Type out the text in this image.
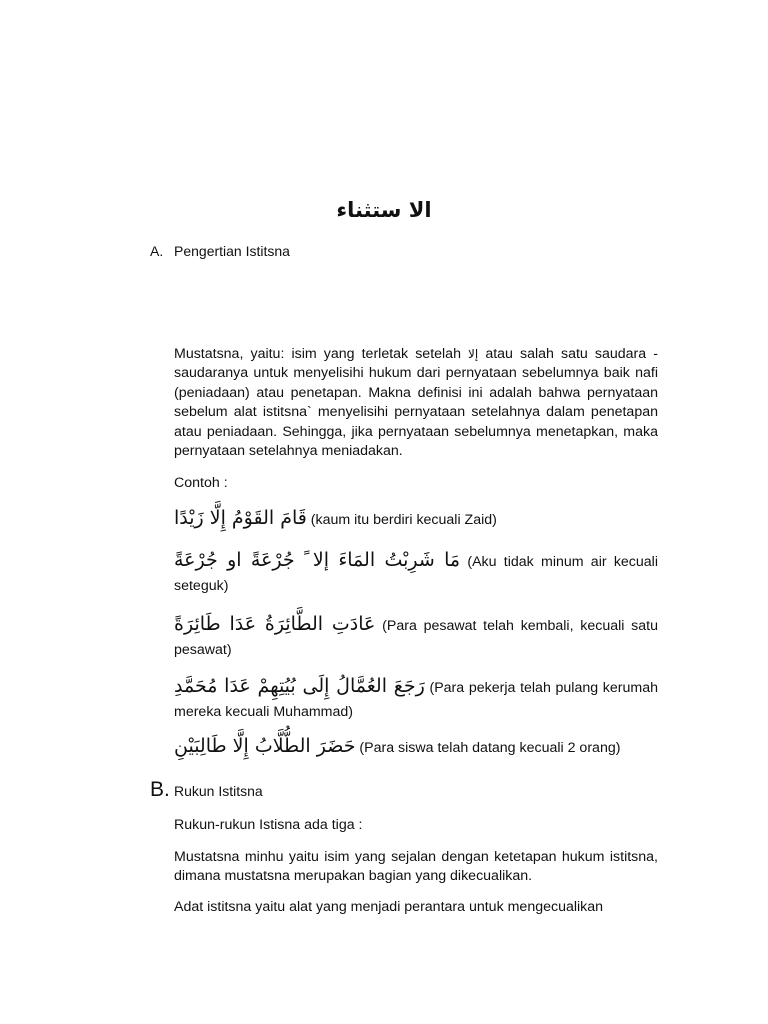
الا ستثناء
A. Pengertian Istitsna
Mustatsna, yaitu: isim yang terletak setelah إلا atau salah satu saudara -saudaranya untuk menyelisihi hukum dari pernyataan sebelumnya baik nafi (peniadaan) atau penetapan. Makna definisi ini adalah bahwa pernyataan sebelum alat istitsna` menyelisihi pernyataan setelahnya dalam penetapan atau peniadaan. Sehingga, jika pernyataan sebelumnya menetapkan, maka pernyataan setelahnya meniadakan.
Contoh :
قَامَ القَوْمُ إِلَّا زَيْدًا (kaum itu berdiri kecuali Zaid)
مَا شَرِبْتُ المَاءَ إلا ً جُرْعَةً او جُرْعَةً (Aku tidak minum air kecuali seteguk)
عَادَتِ الطَّائِرَةُ عَدَا طَائِرَةً (Para pesawat telah kembali, kecuali satu pesawat)
رَجَعَ العُمَّالُ إِلَى بُيُتِهِمْ عَدَا مُحَمَّدِ (Para pekerja telah pulang kerumah mereka kecuali Muhammad)
حَضَرَ الطُّلَّابُ إِلَّا طَالِبَيْنِ (Para siswa telah datang kecuali 2 orang)
B. Rukun Istitsna
Rukun-rukun Istisna ada tiga :
Mustatsna minhu yaitu isim yang sejalan dengan ketetapan hukum istitsna, dimana mustatsna merupakan bagian yang dikecualikan.
Adat istitsna yaitu alat yang menjadi perantara untuk mengecualikan
